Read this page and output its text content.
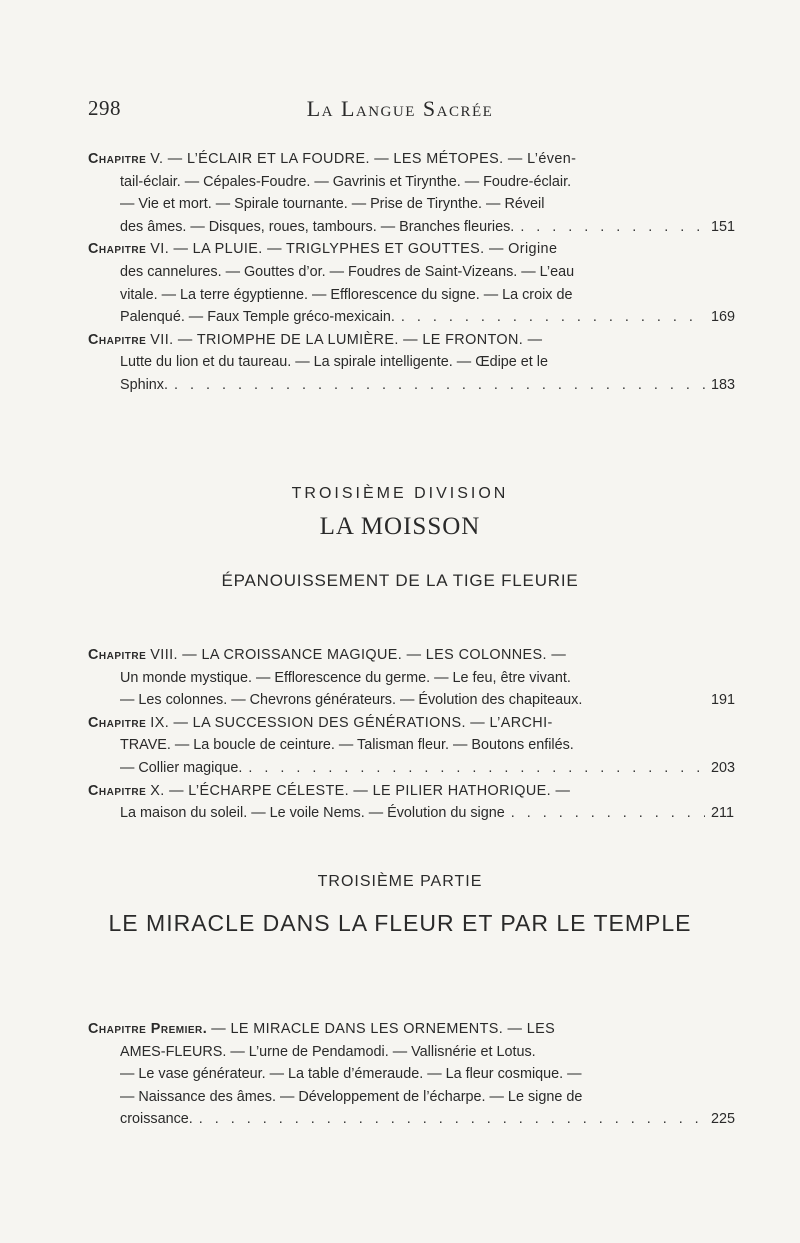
298	La Langue Sacrée
Chapitre V. — L’ÉCLAIR ET LA FOUDRE. — LES MÉTOPES. — L’éven-
tail-éclair. — Cépales-Foudre. — Gavrinis et Tirynthe. — Foudre-éclair.
— Vie et mort. — Spirale tournante. — Prise de Tirynthe. — Réveil
des âmes. — Disques, roues, tambours. — Branches fleuries. . . .	151
Chapitre VI. — LA PLUIE. — TRIGLYPHES ET GOUTTES. — Origine
des cannelures. — Gouttes d’or. — Foudres de Saint-Vizeans. — L’eau
vitale. — La terre égyptienne. — Efflorescence du signe. — La croix de
Palenqué. — Faux Temple gréco-mexicain. . . .	169
Chapitre VII. — TRIOMPHE DE LA LUMIÈRE. — LE FRONTON. —
Lutte du lion et du taureau. — La spirale intelligente. — Œdipe et le
Sphinx. . . .	183
TROISIÈME DIVISION
LA MOISSON
ÉPANOUISSEMENT DE LA TIGE FLEURIE
Chapitre VIII. — LA CROISSANCE MAGIQUE. — LES COLONNES. —
Un monde mystique. — Efflorescence du germe. — Le feu, être vivant.
— Les colonnes. — Chevrons générateurs. — Évolution des chapiteaux.	191
Chapitre IX. — LA SUCCESSION DES GÉNÉRATIONS. — L’ARCHI-
TRAVE. — La boucle de ceinture. — Talisman fleur. — Boutons enfilés.
— Collier magique. . . .	203
Chapitre X. — L’ÉCHARPE CÉLESTE. — LE PILIER HATHORIQUE. —
La maison du soleil. — Le voile Nems. — Évolution du signe . . .	211
TROISIÈME PARTIE
LE MIRACLE DANS LA FLEUR ET PAR LE TEMPLE
Chapitre Premier. — LE MIRACLE DANS LES ORNEMENTS. — LES
AMES-FLEURS. — L’urne de Pendamodi. — Vallisnérie et Lotus.
— Le vase générateur. — La table d’émeraude. — La fleur cosmique. —
— Naissance des âmes. — Développement de l’écharpe. — Le signe de
croissance. . . .	225
